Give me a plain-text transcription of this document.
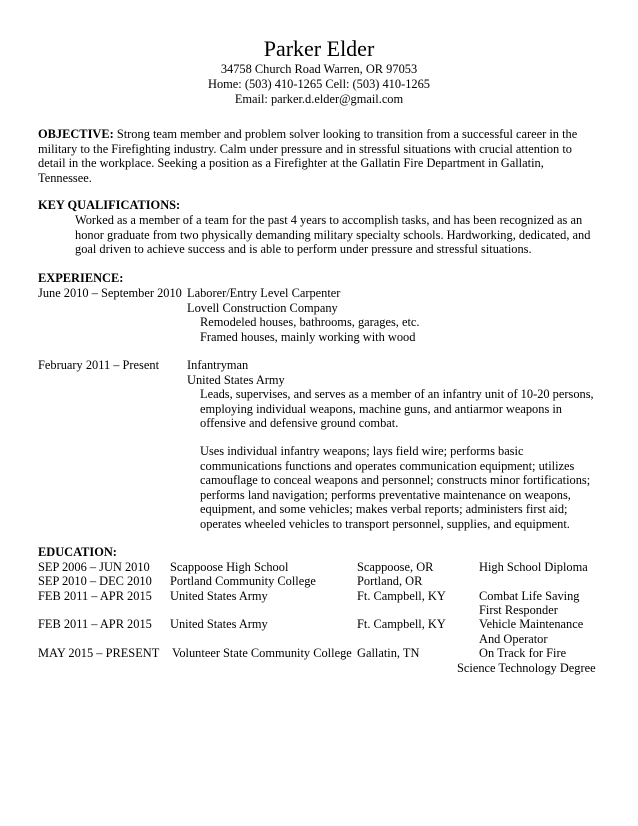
Parker Elder
34758 Church Road Warren, OR 97053
Home: (503) 410-1265 Cell: (503) 410-1265
Email: parker.d.elder@gmail.com
OBJECTIVE: Strong team member and problem solver looking to transition from a successful career in the
military to the Firefighting industry. Calm under pressure and in stressful situations with crucial attention to
detail in the workplace. Seeking a position as a Firefighter at the Gallatin Fire Department in Gallatin,
Tennessee.
KEY QUALIFICATIONS:
Worked as a member of a team for the past 4 years to accomplish tasks, and has been recognized as an
honor graduate from two physically demanding military specialty schools. Hardworking, dedicated, and
goal driven to achieve success and is able to perform under pressure and stressful situations.
EXPERIENCE:
June 2010 – September 2010 Laborer/Entry Level Carpenter
Lovell Construction Company
Remodeled houses, bathrooms, garages, etc.
Framed houses, mainly working with wood
February 2011 – Present Infantryman
United States Army
Leads, supervises, and serves as a member of an infantry unit of 10-20 persons,
employing individual weapons, machine guns, and antiarmor weapons in
offensive and defensive ground combat.
Uses individual infantry weapons; lays field wire; performs basic
communications functions and operates communication equipment; utilizes
camouflage to conceal weapons and personnel; constructs minor fortifications;
performs land navigation; performs preventative maintenance on weapons,
equipment, and some vehicles; makes verbal reports; administers first aid;
operates wheeled vehicles to transport personnel, supplies, and equipment.
EDUCATION:
SEP 2006 – JUN 2010 Scappoose High School	Scappoose, OR	High School Diploma
SEP 2010 – DEC 2010 Portland Community College	Portland, OR
FEB 2011 – APR 2015 United States Army	Ft. Campbell, KY	Combat Life Saving
First Responder
FEB 2011 – APR 2015 United States Army	Ft. Campbell, KY	Vehicle Maintenance
And Operator
MAY 2015 – PRESENT Volunteer State Community College Gallatin, TN	On Track for Fire
Science Technology Degree
